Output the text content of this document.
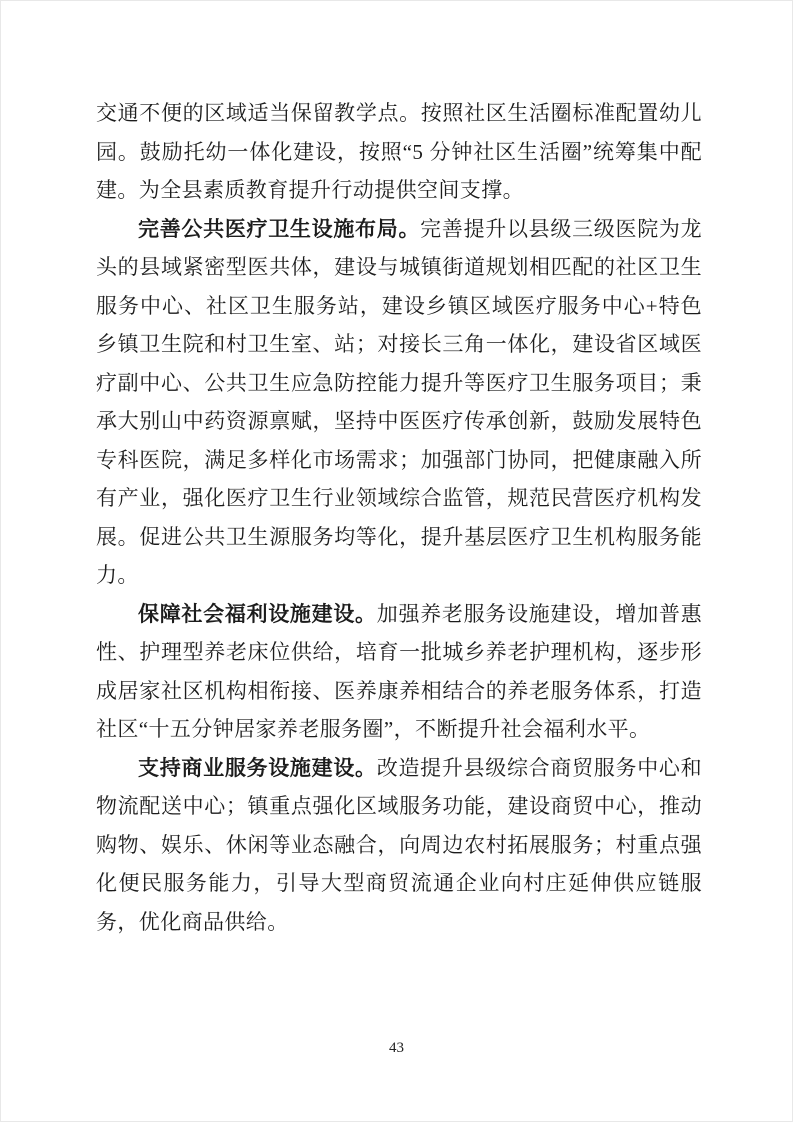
交通不便的区域适当保留教学点。按照社区生活圈标准配置幼儿园。鼓励托幼一体化建设，按照“5 分钟社区生活圈”统筹集中配建。为全县素质教育提升行动提供空间支撑。

完善公共医疗卫生设施布局。完善提升以县级三级医院为龙头的县域紧密型医共体，建设与城镇街道规划相匹配的社区卫生服务中心、社区卫生服务站，建设乡镇区域医疗服务中心+特色乡镇卫生院和村卫生室、站；对接长三角一体化，建设省区域医疗副中心、公共卫生应急防控能力提升等医疗卫生服务项目；秉承大别山中药资源禀赋，坚持中医医疗传承创新，鼓励发展特色专科医院，满足多样化市场需求；加强部门协同，把健康融入所有产业，强化医疗卫生行业领域综合监管，规范民营医疗机构发展。促进公共卫生源服务均等化，提升基层医疗卫生机构服务能力。

保障社会福利设施建设。加强养老服务设施建设，增加普惠性、护理型养老床位供给，培育一批城乡养老护理机构，逐步形成居家社区机构相衔接、医养康养相结合的养老服务体系，打造社区“十五分钟居家养老服务圈”，不断提升社会福利水平。

支持商业服务设施建设。改造提升县级综合商贸服务中心和物流配送中心；镇重点强化区域服务功能，建设商贸中心，推动购物、娱乐、休闲等业态融合，向周边农村拓展服务；村重点强化便民服务能力，引导大型商贸流通企业向村庄延伸供应链服务，优化商品供给。

43
